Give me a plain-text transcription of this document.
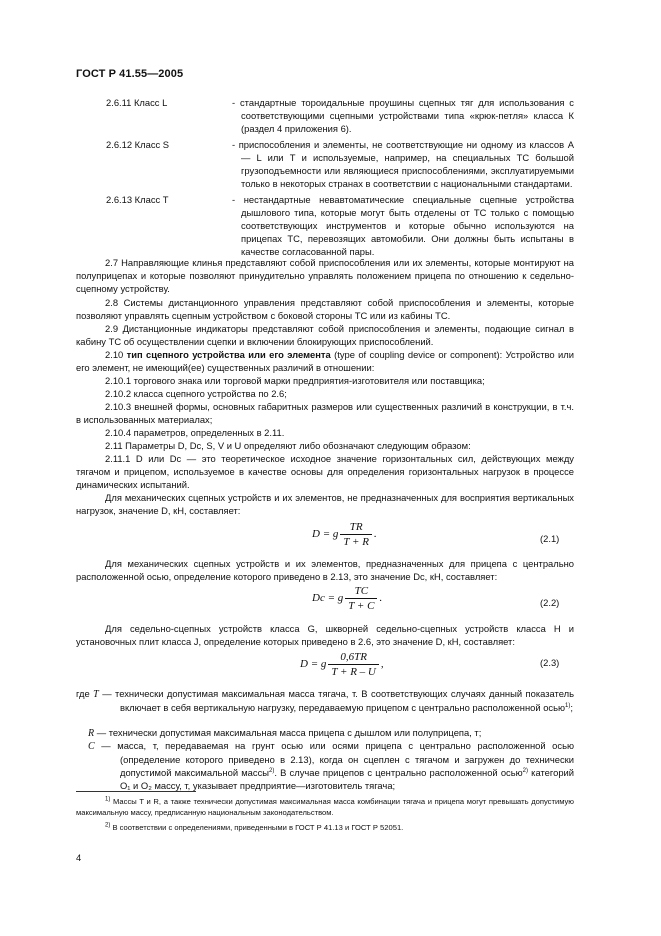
ГОСТ Р 41.55—2005
2.6.11 Класс L	- стандартные тороидальные проушины сцепных тяг для использования с соответствующими сцепными устройствами типа «крюк-петля» класса К (раздел 4 приложения 6).
2.6.12 Класс S	- приспособления и элементы, не соответствующие ни одному из классов А — L или Т и используемые, например, на специальных ТС большой грузоподъемности или являющиеся приспособлениями, эксплуатируемыми только в некоторых странах в соответствии с национальными стандартами.
2.6.13 Класс Т	- нестандартные невавтоматические специальные сцепные устройства дышлового типа, которые могут быть отделены от ТС только с помощью соответствующих инструментов и которые обычно используются на прицепах ТС, перевозящих автомобили. Они должны быть испытаны в качестве согласованной пары.
2.7 Направляющие клинья представляют собой приспособления или их элементы, которые монтируют на полуприцепах и которые позволяют принудительно управлять положением прицепа по отношению к седельно-сцепному устройству.
2.8 Системы дистанционного управления представляют собой приспособления и элементы, которые позволяют управлять сцепным устройством с боковой стороны ТС или из кабины ТС.
2.9 Дистанционные индикаторы представляют собой приспособления и элементы, подающие сигнал в кабину ТС об осуществлении сцепки и включении блокирующих приспособлений.
2.10 тип сцепного устройства или его элемента (type of coupling device or component): Устройство или его элемент, не имеющий(ее) существенных различий в отношении:
2.10.1 торгового знака или торговой марки предприятия-изготовителя или поставщика;
2.10.2 класса сцепного устройства по 2.6;
2.10.3 внешней формы, основных габаритных размеров или существенных различий в конструкции, в т.ч. в использованных материалах;
2.10.4 параметров, определенных в 2.11.
2.11 Параметры D, Dс, S, V и U определяют либо обозначают следующим образом:
2.11.1 D или Dс — это теоретическое исходное значение горизонтальных сил, действующих между тягачом и прицепом, используемое в качестве основы для определения горизонтальных нагрузок в процессе динамических испытаний.
Для механических сцепных устройств и их элементов, не предназначенных для восприятия вертикальных нагрузок, значение D, кН, составляет:
D = g $\frac{TR}{T + R}$ .	(2.1)
Для механических сцепных устройств и их элементов, предназначенных для прицепа с центрально расположенной осью, определение которого приведено в 2.13, это значение Dс, кН, составляет:
Dc = g $\frac{TC}{T + C}$ .	(2.2)
Для седельно-сцепных устройств класса G, шкворней седельно-сцепных устройств класса H и установочных плит класса J, определение которых приведено в 2.6, это значение D, кН, составляет:
D = g $\frac{0,6TR}{T + R - U}$ ,	(2.3)
где T — технически допустимая максимальная масса тягача, т. В соответствующих случаях данный показатель включает в себя вертикальную нагрузку, передаваемую прицепом с центрально расположенной осью$^{1)}$;
R — технически допустимая максимальная масса прицепа с дышлом или полуприцепа, т;
C — масса, т, передаваемая на грунт осью или осями прицепа с центрально расположенной осью (определение которого приведено в 2.13), когда он сцеплен с тягачом и загружен до технически допустимой максимальной массы$^{2)}$. В случае прицепов с центрально расположенной осью$^{2)}$ категорий O₁ и O₂ массу, т, указывает предприятие—изготовитель тягача;
$^{1)}$ Массы T и R, а также технически допустимая максимальная масса комбинации тягача и прицепа могут превышать допустимую максимальную массу, предписанную национальным законодательством.
$^{2)}$ В соответствии с определениями, приведенными в ГОСТ Р 41.13 и ГОСТ Р 52051.
4
